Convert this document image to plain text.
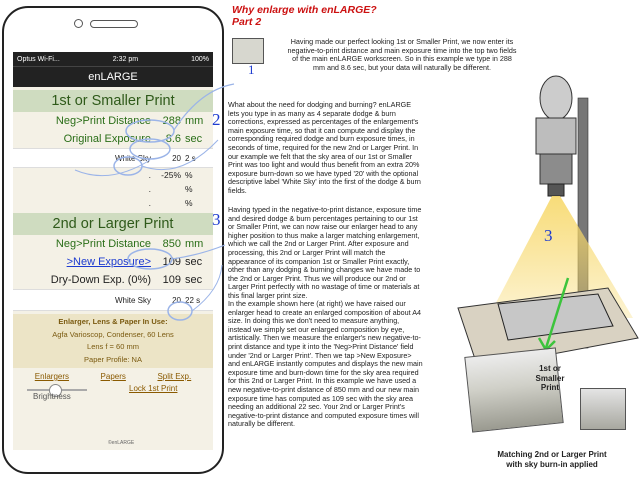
Optus Wi-Fi...	2:32 pm	100%
enLARGE
1st or Smaller Print
Neg>Print Distance	288 mm
Original Exposure	8.6 sec
White Sky	20 2 s
.	-25% %
.	%
.	%
2nd or Larger Print
Neg>Print Distance	850 mm
>New Exposure>	109 sec
Dry-Down Exp. (0%)	109 sec
White Sky	20 22 s
Enlarger, Lens & Paper In Use:
Agfa Varioscop, Condenser, 60 Lens
Lens f = 60 mm
Paper Profile: NA
Enlargers	Papers	Split Exp.
Brightness
Lock 1st Print
©enLARGE
Why enlarge with enLARGE?
Part 2
1
Having made our perfect looking 1st or Smaller Print, we now enter its negative-to-print distance and main exposure time into the top two fields of the main enLARGE workscreen. So in this example we type in 288 mm and 8.6 sec, but your data will naturally be different.
2
3
What about the need for dodging and burning? enLARGE lets you type in as many as 4 separate dodge & burn corrections, expressed as percentages of the enlargement's main exposure time, so that it can compute and display the corresponding required dodge and burn exposure times, in seconds of time, required for the new 2nd or Larger Print. In our example we felt that the sky area of our 1st or Smaller Print was too light and would thus benefit from an extra 20% exposure burn-down so we have typed '20' with the optional descriptive label 'White Sky' into the first of the dodge & burn fields.
Having typed in the negative-to-print distance, exposure time and desired dodge & burn percentages pertaining to our 1st or Smaller Print, we can now raise our enlarger head to any higher position to thus make a larger matching enlargement, which we call the 2nd or Larger Print. After exposure and processing, this 2nd or Larger Print will match the appearance of its companion 1st or Smaller Print exactly, other than any dodging & burning changes we have made to the 2nd or Larger Print. Thus we will produce our 2nd or Larger Print perfectly with no wastage of time or materials at this final larger print size.
In the example shown here (at right) we have raised our enlarger head to create an enlarged composition of about A4 size. In doing this we don't need to measure anything, instead we simply set our enlarged composition by eye, artistically. Then we measure the enlarger's new negative-to-print distance and type it into the 'Neg>Print Distance' field under '2nd or Larger Print'. Then we tap >New Exposure> and enLARGE instantly computes and displays the new main exposure time and burn-down time for the sky area required for this 2nd or Larger Print. In this example we have used a new negative-to-print distance of 850 mm and our new main exposure time has computed as 109 sec with the sky area needing an additional 22 sec. Your 2nd or Larger Print's negative-to-print distance and computed exposure times will naturally be different.
3
1st or
Smaller
Print
Matching 2nd or Larger Print
with sky burn-in applied
